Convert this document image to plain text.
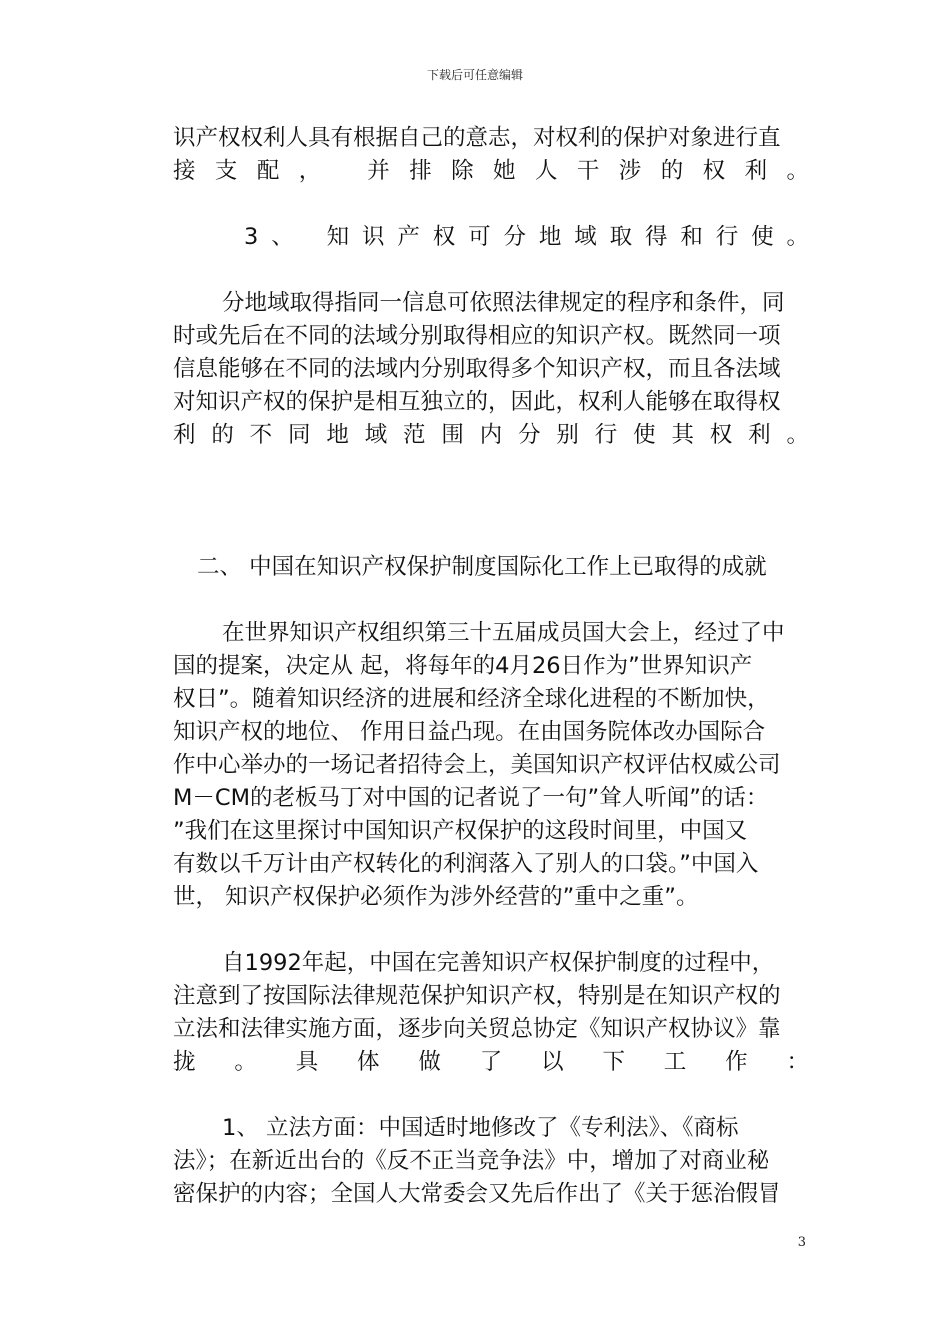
下载后可任意编辑
识产权权利人具有根据自己的意志，对权利的保护对象进行直
接支配， 并排除她人干涉的权利。
3、 知识产权可分地域取得和行使。
分地域取得指同一信息可依照法律规定的程序和条件，同
时或先后在不同的法域分别取得相应的知识产权。既然同一项
信息能够在不同的法域内分别取得多个知识产权，而且各法域
对知识产权的保护是相互独立的，因此，权利人能够在取得权
利的不同地域范围内分别行使其权利。
二、 中国在知识产权保护制度国际化工作上已取得的成就
在世界知识产权组织第三十五届成员国大会上，经过了中
国的提案，决定从 起，将每年的4月26日作为”世界知识产
权日”。随着知识经济的进展和经济全球化进程的不断加快，
知识产权的地位、 作用日益凸现。在由国务院体改办国际合
作中心举办的一场记者招待会上，美国知识产权评估权威公司
M－CM的老板马丁对中国的记者说了一句”耸人听闻”的话：
”我们在这里探讨中国知识产权保护的这段时间里，中国又
有数以千万计由产权转化的利润落入了别人的口袋。”中国入
世， 知识产权保护必须作为涉外经营的”重中之重”。
自1992年起，中国在完善知识产权保护制度的过程中，
注意到了按国际法律规范保护知识产权，特别是在知识产权的
立法和法律实施方面，逐步向关贸总协定《知识产权协议》靠
拢 。 具 体 做 了 以 下 工 作 ：
1、 立法方面：中国适时地修改了《专利法》、《商标
法》；在新近出台的《反不正当竞争法》中，增加了对商业秘
密保护的内容；全国人大常委会又先后作出了《关于惩治假冒
3
